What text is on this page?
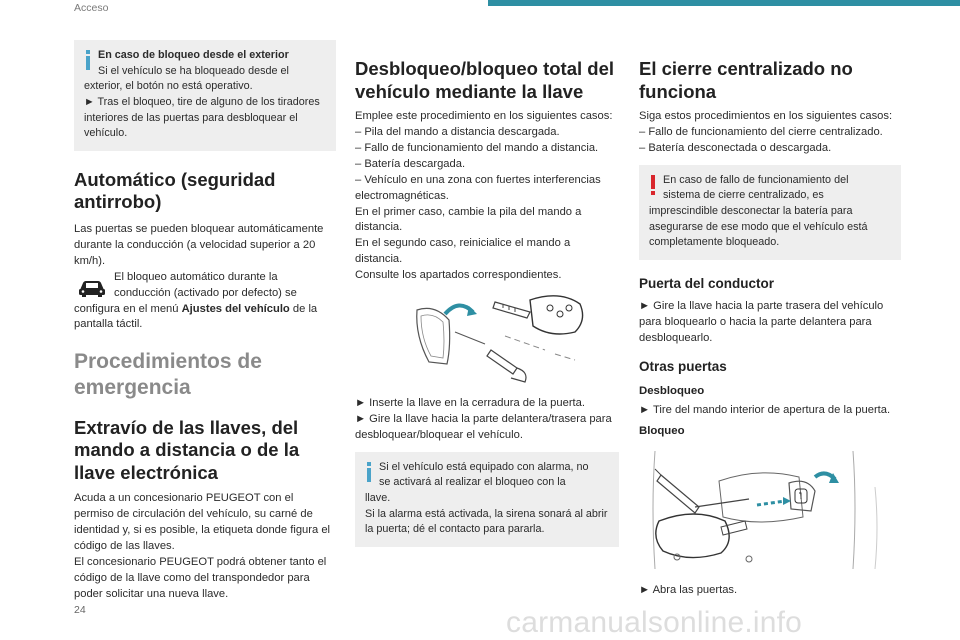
Acceso

En caso de bloqueo desde el exterior

Si el vehículo se ha bloqueado desde el

exterior, el botón no está operativo.

► Tras el bloqueo, tire de alguno de los tiradores interiores de las puertas para desbloquear el vehículo.

Automático (seguridad antirrobo)

Las puertas se pueden bloquear automáticamente durante la conducción (a velocidad superior a 20 km/h).

El bloqueo automático durante la conducción (activado por defecto) se configura en el menú Ajustes del vehículo de la pantalla táctil.

Procedimientos de emergencia
Extravío de las llaves, del mando a distancia o de la llave electrónica

Acuda a un concesionario PEUGEOT con el permiso de circulación del vehículo, su carné de identidad y, si es posible, la etiqueta donde figura el código de las llaves.

El concesionario PEUGEOT podrá obtener tanto el código de la llave como del transpondedor para poder solicitar una nueva llave.

Desbloqueo/bloqueo total del vehículo mediante la llave

Emplee este procedimiento en los siguientes casos:

– Pila del mando a distancia descargada.

– Fallo de funcionamiento del mando a distancia.

– Batería descargada.

– Vehículo en una zona con fuertes interferencias electromagnéticas.

En el primer caso, cambie la pila del mando a distancia.

En el segundo caso, reinicialice el mando a distancia.

Consulte los apartados correspondientes.

► Inserte la llave en la cerradura de la puerta.

► Gire la llave hacia la parte delantera/trasera para desbloquear/bloquear el vehículo.

Si el vehículo está equipado con alarma, no

se activará al realizar el bloqueo con la

llave.

Si la alarma está activada, la sirena sonará al abrir la puerta; dé el contacto para pararla.

El cierre centralizado no funciona

Siga estos procedimientos en los siguientes casos:

– Fallo de funcionamiento del cierre centralizado.

– Batería desconectada o descargada.

En caso de fallo de funcionamiento del

sistema de cierre centralizado, es

imprescindible desconectar la batería para asegurarse de ese modo que el vehículo está completamente bloqueado.

Puerta del conductor

► Gire la llave hacia la parte trasera del vehículo para bloquearlo o hacia la parte delantera para desbloquearlo.

Otras puertas
Desbloqueo

► Tire del mando interior de apertura de la puerta.

Bloqueo

► Abra las puertas.

24	carmanualsonline.info
